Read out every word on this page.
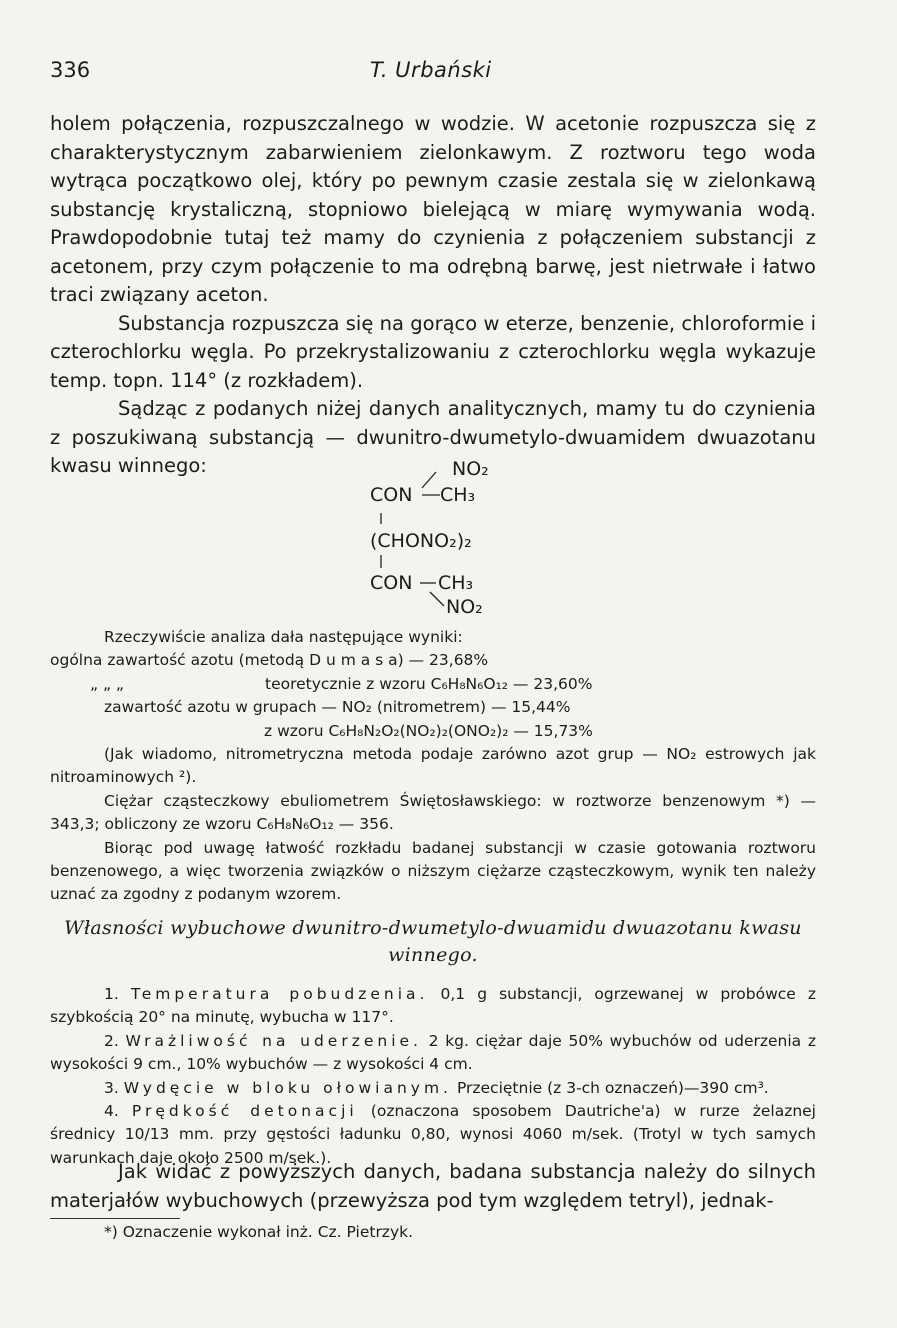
336	T. Urbański

holem połączenia, rozpuszczalnego w wodzie. W acetonie rozpuszcza się z charakterystycznym zabarwieniem zielonkawym. Z roztworu tego woda wytrąca początkowo olej, który po pewnym czasie zestala się w zielonkawą substancję krystaliczną, stopniowo bielejącą w miarę wymywania wodą. Prawdopodobnie tutaj też mamy do czynienia z połączeniem substancji z acetonem, przy czym połączenie to ma odrębną barwę, jest nietrwałe i łatwo traci związany aceton.

Substancja rozpuszcza się na gorąco w eterze, benzenie, chloroformie i czterochlorku węgla. Po przekrystalizowaniu z czterochlorku węgla wykazuje temp. topn. 114° (z rozkładem).

Sądząc z podanych niżej danych analitycznych, mamy tu do czynienia z poszukiwaną substancją — dwunitro-dwumetylo-dwuamidem dwuazotanu kwasu winnego:	NO₂
CON CH₃
(CHONO₂)₂
CON CH₃
NO₂
Rzeczywiście analiza dała następujące wyniki:
ogólna zawartość azotu (metodą D u m a s a) — 23,68%
„ „ „	teoretycznie z wzoru C₆H₈N₆O₁₂ — 23,60%
zawartość azotu w grupach — NO₂ (nitrometrem) — 15,44%
z wzoru C₆H₈N₂O₂(NO₂)₂(ONO₂)₂ — 15,73%

(Jak wiadomo, nitrometryczna metoda podaje zarówno azot grup — NO₂ estrowych jak nitroaminowych ²).

Ciężar cząsteczkowy ebuliometrem Świętosławskiego: w roztworze benzenowym *) — 343,3; obliczony ze wzoru C₆H₈N₆O₁₂ — 356.

Biorąc pod uwagę łatwość rozkładu badanej substancji w czasie gotowania roztworu benzenowego, a więc tworzenia związków o niższym ciężarze cząsteczkowym, wynik ten należy uznać za zgodny z podanym wzorem.

Własności wybuchowe dwunitro-dwumetylo-dwuamidu dwuazotanu kwasu winnego.

1. Temperatura pobudzenia. 0,1 g substancji, ogrzewanej w probówce z szybkością 20° na minutę, wybucha w 117°.

2. Wrażliwość na uderzenie. 2 kg. ciężar daje 50% wybuchów od uderzenia z wysokości 9 cm., 10% wybuchów — z wysokości 4 cm.

3. Wydęcie w bloku ołowianym. Przeciętnie (z 3-ch oznaczeń)—390 cm³.

4. Prędkość detonacji (oznaczona sposobem Dautriche'a) w rurze żelaznej średnicy 10/13 mm. przy gęstości ładunku 0,80, wynosi 4060 m/sek. (Trotyl w tych samych warunkach daje około 2500 m/sek.).

Jak widać z powyższych danych, badana substancja należy do silnych materjałów wybuchowych (przewyższa pod tym względem tetryl), jednak-

*) Oznaczenie wykonał inż. Cz. Pietrzyk.
